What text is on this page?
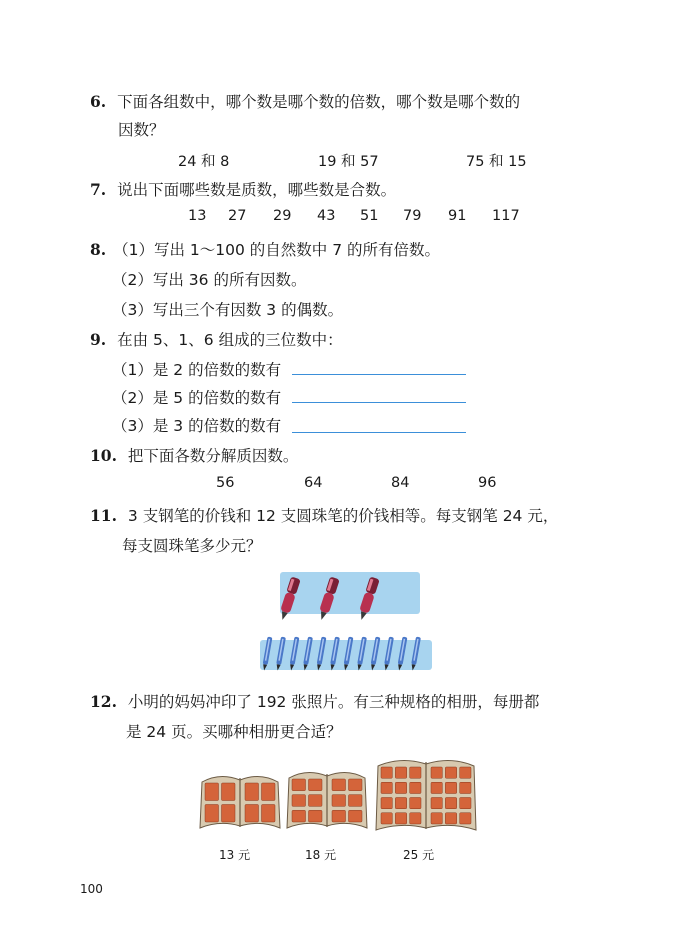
6. 下面各组数中，哪个数是哪个数的倍数，哪个数是哪个数的
因数？
24 和 8	19 和 57	75 和 15
7. 说出下面哪些数是质数，哪些数是合数。
13 27 29 43 51 79 91 117
8. （1）写出 1～100 的自然数中 7 的所有倍数。
（2）写出 36 的所有因数。
（3）写出三个有因数 3 的偶数。
9. 在由 5、1、6 组成的三位数中：
（1）是 2 的倍数的数有
（2）是 5 的倍数的数有
（3）是 3 的倍数的数有
10. 把下面各数分解质因数。
56	64	84	96
11. 3 支钢笔的价钱和 12 支圆珠笔的价钱相等。每支钢笔 24 元，
每支圆珠笔多少元？
12. 小明的妈妈冲印了 192 张照片。有三种规格的相册，每册都
是 24 页。买哪种相册更合适？
13 元	18 元	25 元
100
